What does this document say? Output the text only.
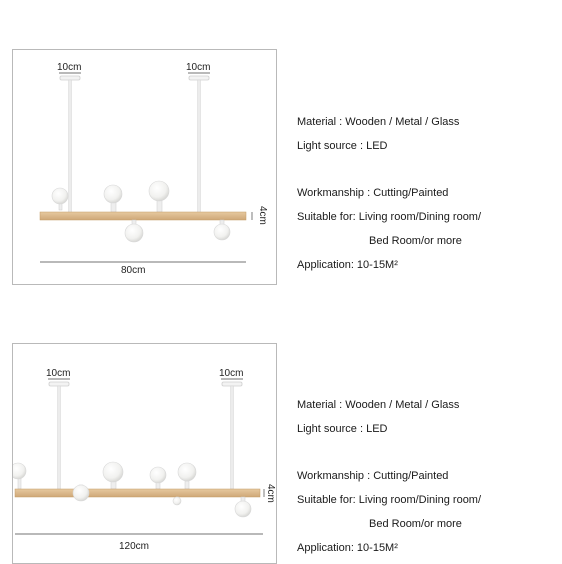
10cm	10cm
4cm
80cm
Material : Wooden / Metal / Glass
Light source : LED
Workmanship : Cutting/Painted
Suitable for: Living room/Dining room/
Bed Room/or more
Application: 10-15M²
10cm	10cm
4cm
120cm
Material : Wooden / Metal / Glass
Light source : LED
Workmanship : Cutting/Painted
Suitable for: Living room/Dining room/
Bed Room/or more
Application: 10-15M²
